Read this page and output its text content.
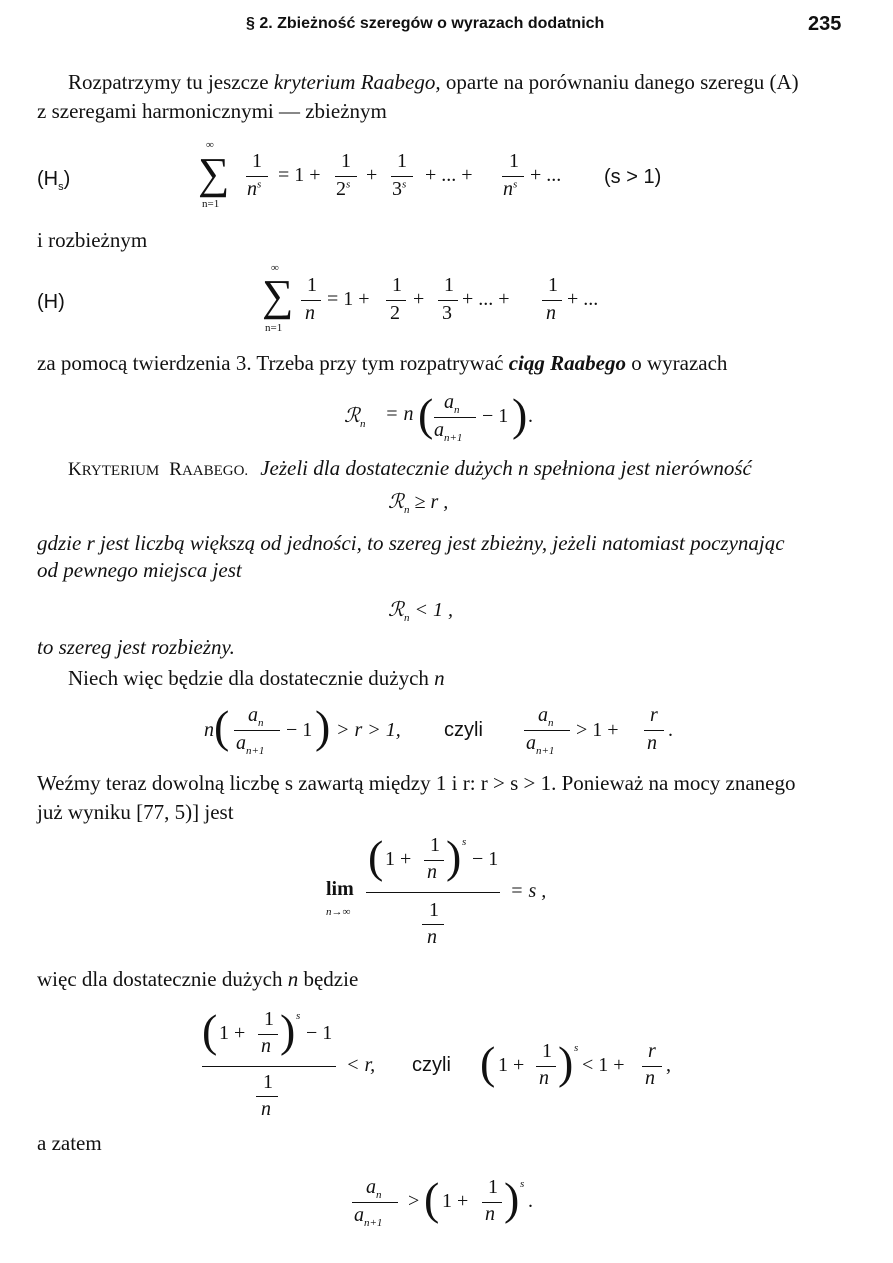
§ 2. Zbieżność szeregów o wyrazach dodatnich	235
Rozpatrzymy tu jeszcze kryterium Raabego, oparte na porównaniu danego szeregu (A)
z szeregami harmonicznymi — zbieżnym
$(H_s)$
∞
∑
n=1
1
$n^s = 1$ +
1
$2^s$ +
1
$3^s$ + ... +
1
$n^s$ + ... (s > 1)
i rozbieżnym
(H)
∞
∑
n=1
1
n
= 1 +
1
2
+
1
3
+ ... +
1
n
+ ...
za pomocą twierdzenia 3. Trzeba przy tym rozpatrywać ciąg Raabego o wyrazach
ℛ$_n$ = n ( $a_n$
$a_{n+1}$
− 1 ) .
KRYTERIUM RAABEGO. Jeżeli dla dostatecznie dużych n spełniona jest nierówność
ℛ$_n$ ≥ r ,
gdzie r jest liczbą większą od jedności, to szereg jest zbieżny, jeżeli natomiast poczynając
od pewnego miejsca jest
ℛ$_n$ < 1 ,
to szereg jest rozbieżny.
Niech więc będzie dla dostatecznie dużych n
n ( $a_n$
$a_{n+1}$
− 1 ) > r > 1, czyli
$a_n$
$a_{n+1}$
> 1 +
r
n
.
Weźmy teraz dowolną liczbę s zawartą między 1 i r: r > s > 1. Ponieważ na mocy znanego
już wyniku [77, 5)] jest
( 1 +
1
n ) s
− 1
lim
n→∞	1
n
= s ,
więc dla dostatecznie dużych n będzie
( 1 +
1
n ) s
− 1
1
n
< r, czyli ( 1 +
1
n ) s
< 1 +
r
n
,
a zatem
$a_n$
$a_{n+1}$
> ( 1 +
1
n ) s
.
